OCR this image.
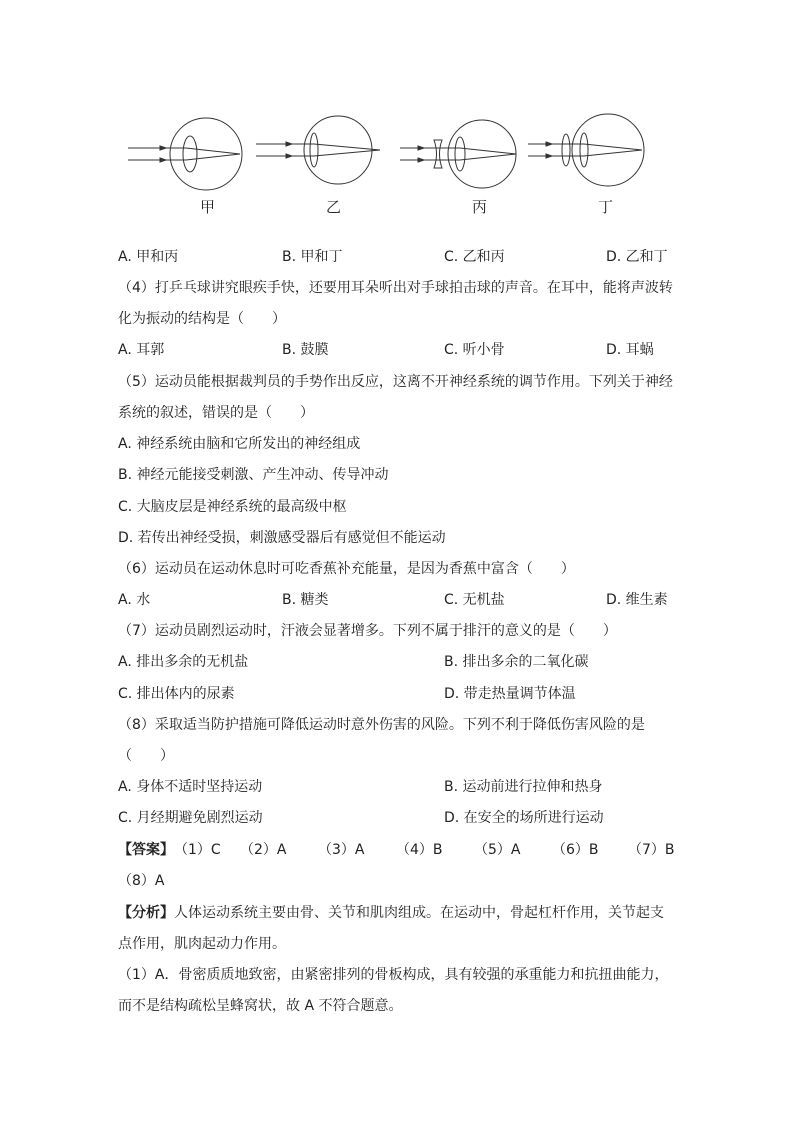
甲	乙	丙	丁
A. 甲和丙	B. 甲和丁	C. 乙和丙	D. 乙和丁
（4）打乒乓球讲究眼疾手快，还要用耳朵听出对手球拍击球的声音。在耳中，能将声波转
化为振动的结构是（　　）
A. 耳郭	B. 鼓膜	C. 听小骨	D. 耳蜗
（5）运动员能根据裁判员的手势作出反应，这离不开神经系统的调节作用。下列关于神经
系统的叙述，错误的是（　　）
A. 神经系统由脑和它所发出的神经组成
B. 神经元能接受刺激、产生冲动、传导冲动
C. 大脑皮层是神经系统的最高级中枢
D. 若传出神经受损，刺激感受器后有感觉但不能运动
（6）运动员在运动休息时可吃香蕉补充能量，是因为香蕉中富含（　　）
A. 水	B. 糖类	C. 无机盐	D. 维生素
（7）运动员剧烈运动时，汗液会显著增多。下列不属于排汗的意义的是（　　）
A. 排出多余的无机盐	B. 排出多余的二氧化碳
C. 排出体内的尿素	D. 带走热量调节体温
（8）采取适当防护措施可降低运动时意外伤害的风险。下列不利于降低伤害风险的是
（　　）
A. 身体不适时坚持运动	B. 运动前进行拉伸和热身
C. 月经期避免剧烈运动	D. 在安全的场所进行运动
【答案】 （1）C （2）A （3）A （4）B （5）A （6）B （7）B
（8）A
【分析】 人体运动系统主要由骨、关节和肌肉组成。在运动中，骨起杠杆作用，关节起支
点作用，肌肉起动力作用。
（1）A．骨密质质地致密，由紧密排列的骨板构成，具有较强的承重能力和抗扭曲能力，
而不是结构疏松呈蜂窝状，故 A 不符合题意。
